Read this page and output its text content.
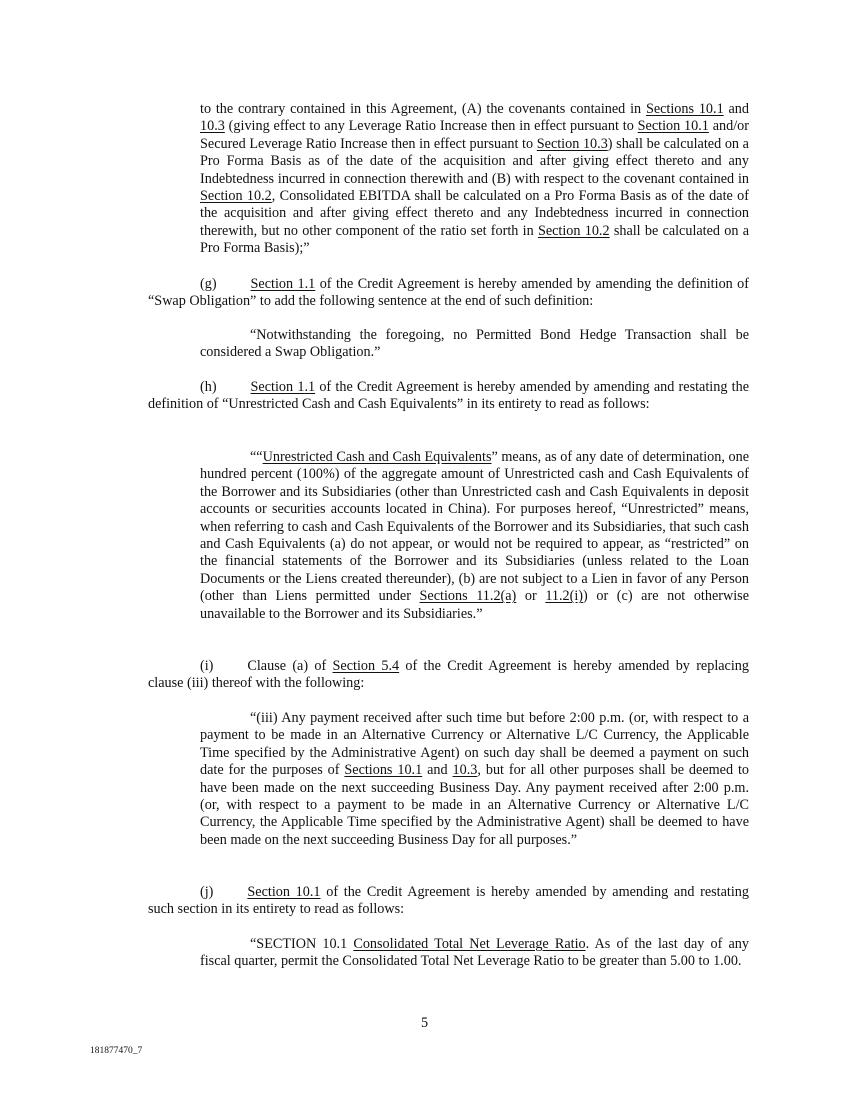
to the contrary contained in this Agreement, (A) the covenants contained in Sections 10.1 and 10.3 (giving effect to any Leverage Ratio Increase then in effect pursuant to Section 10.1 and/or Secured Leverage Ratio Increase then in effect pursuant to Section 10.3) shall be calculated on a Pro Forma Basis as of the date of the acquisition and after giving effect thereto and any Indebtedness incurred in connection therewith and (B) with respect to the covenant contained in Section 10.2, Consolidated EBITDA shall be calculated on a Pro Forma Basis as of the date of the acquisition and after giving effect thereto and any Indebtedness incurred in connection therewith, but no other component of the ratio set forth in Section 10.2 shall be calculated on a Pro Forma Basis);”

(g) Section 1.1 of the Credit Agreement is hereby amended by amending the definition of “Swap Obligation” to add the following sentence at the end of such definition:

“Notwithstanding the foregoing, no Permitted Bond Hedge Transaction shall be considered a Swap Obligation.”

(h) Section 1.1 of the Credit Agreement is hereby amended by amending and restating the definition of “Unrestricted Cash and Cash Equivalents” in its entirety to read as follows:

““Unrestricted Cash and Cash Equivalents” means, as of any date of determination, one hundred percent (100%) of the aggregate amount of Unrestricted cash and Cash Equivalents of the Borrower and its Subsidiaries (other than Unrestricted cash and Cash Equivalents in deposit accounts or securities accounts located in China). For purposes hereof, “Unrestricted” means, when referring to cash and Cash Equivalents of the Borrower and its Subsidiaries, that such cash and Cash Equivalents (a) do not appear, or would not be required to appear, as “restricted” on the financial statements of the Borrower and its Subsidiaries (unless related to the Loan Documents or the Liens created thereunder), (b) are not subject to a Lien in favor of any Person (other than Liens permitted under Sections 11.2(a) or 11.2(i)) or (c) are not otherwise unavailable to the Borrower and its Subsidiaries.”

(i) Clause (a) of Section 5.4 of the Credit Agreement is hereby amended by replacing clause (iii) thereof with the following:

“(iii) Any payment received after such time but before 2:00 p.m. (or, with respect to a payment to be made in an Alternative Currency or Alternative L/C Currency, the Applicable Time specified by the Administrative Agent) on such day shall be deemed a payment on such date for the purposes of Sections 10.1 and 10.3, but for all other purposes shall be deemed to have been made on the next succeeding Business Day. Any payment received after 2:00 p.m. (or, with respect to a payment to be made in an Alternative Currency or Alternative L/C Currency, the Applicable Time specified by the Administrative Agent) shall be deemed to have been made on the next succeeding Business Day for all purposes.”

(j) Section 10.1 of the Credit Agreement is hereby amended by amending and restating such section in its entirety to read as follows:

“SECTION 10.1 Consolidated Total Net Leverage Ratio. As of the last day of any fiscal quarter, permit the Consolidated Total Net Leverage Ratio to be greater than 5.00 to 1.00.

5
181877470_7
